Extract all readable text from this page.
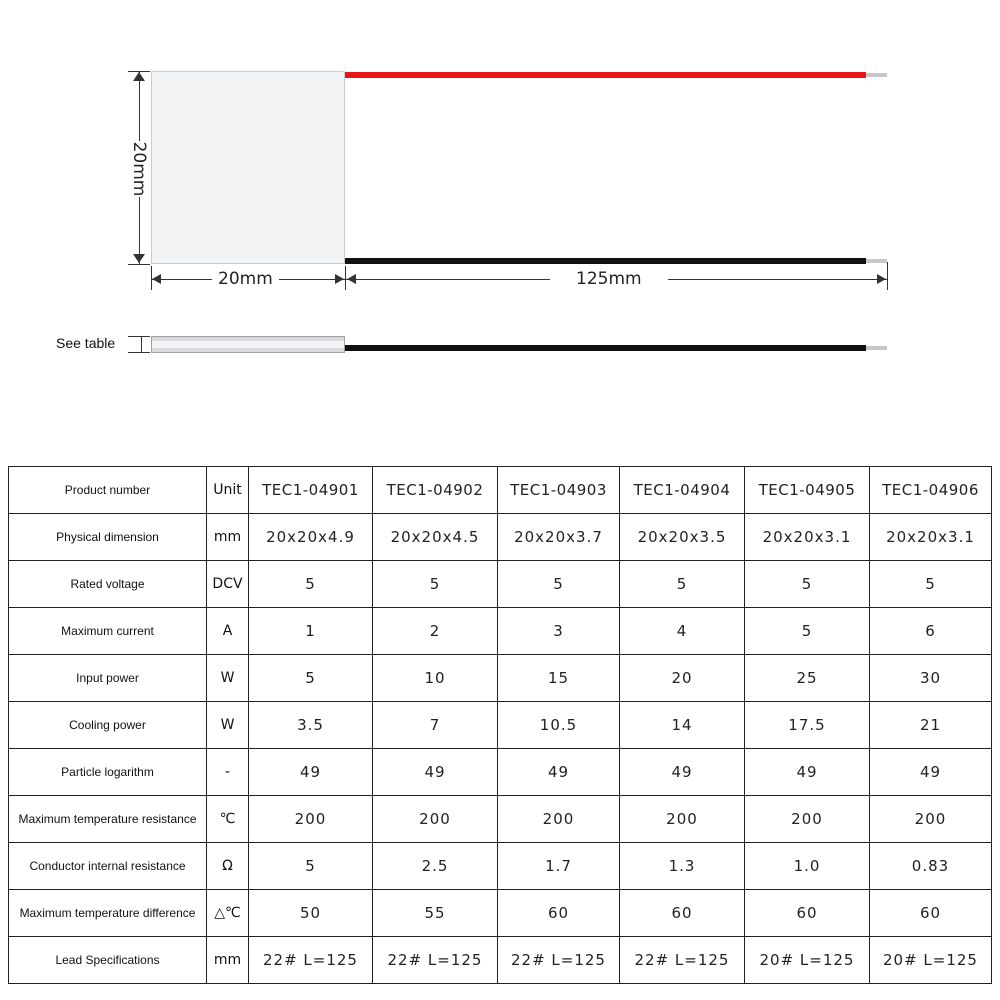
20mm
20mm	125mm
See table
Product number	Unit	TEC1-04901	TEC1-04902	TEC1-04903	TEC1-04904	TEC1-04905	TEC1-04906
Physical dimension	mm	20x20x4.9	20x20x4.5	20x20x3.7	20x20x3.5	20x20x3.1	20x20x3.1
Rated voltage	DCV	5	5	5	5	5	5
Maximum current	A	1	2	3	4	5	6
Input power	W	5	10	15	20	25	30
Cooling power	W	3.5	7	10.5	14	17.5	21
Particle logarithm	-	49	49	49	49	49	49
Maximum temperature resistance	℃	200	200	200	200	200	200
Conductor internal resistance	Ω	5	2.5	1.7	1.3	1.0	0.83
Maximum temperature difference	△℃	50	55	60	60	60	60
Lead Specifications	mm	22# L=125	22# L=125	22# L=125	22# L=125	20# L=125	20# L=125
